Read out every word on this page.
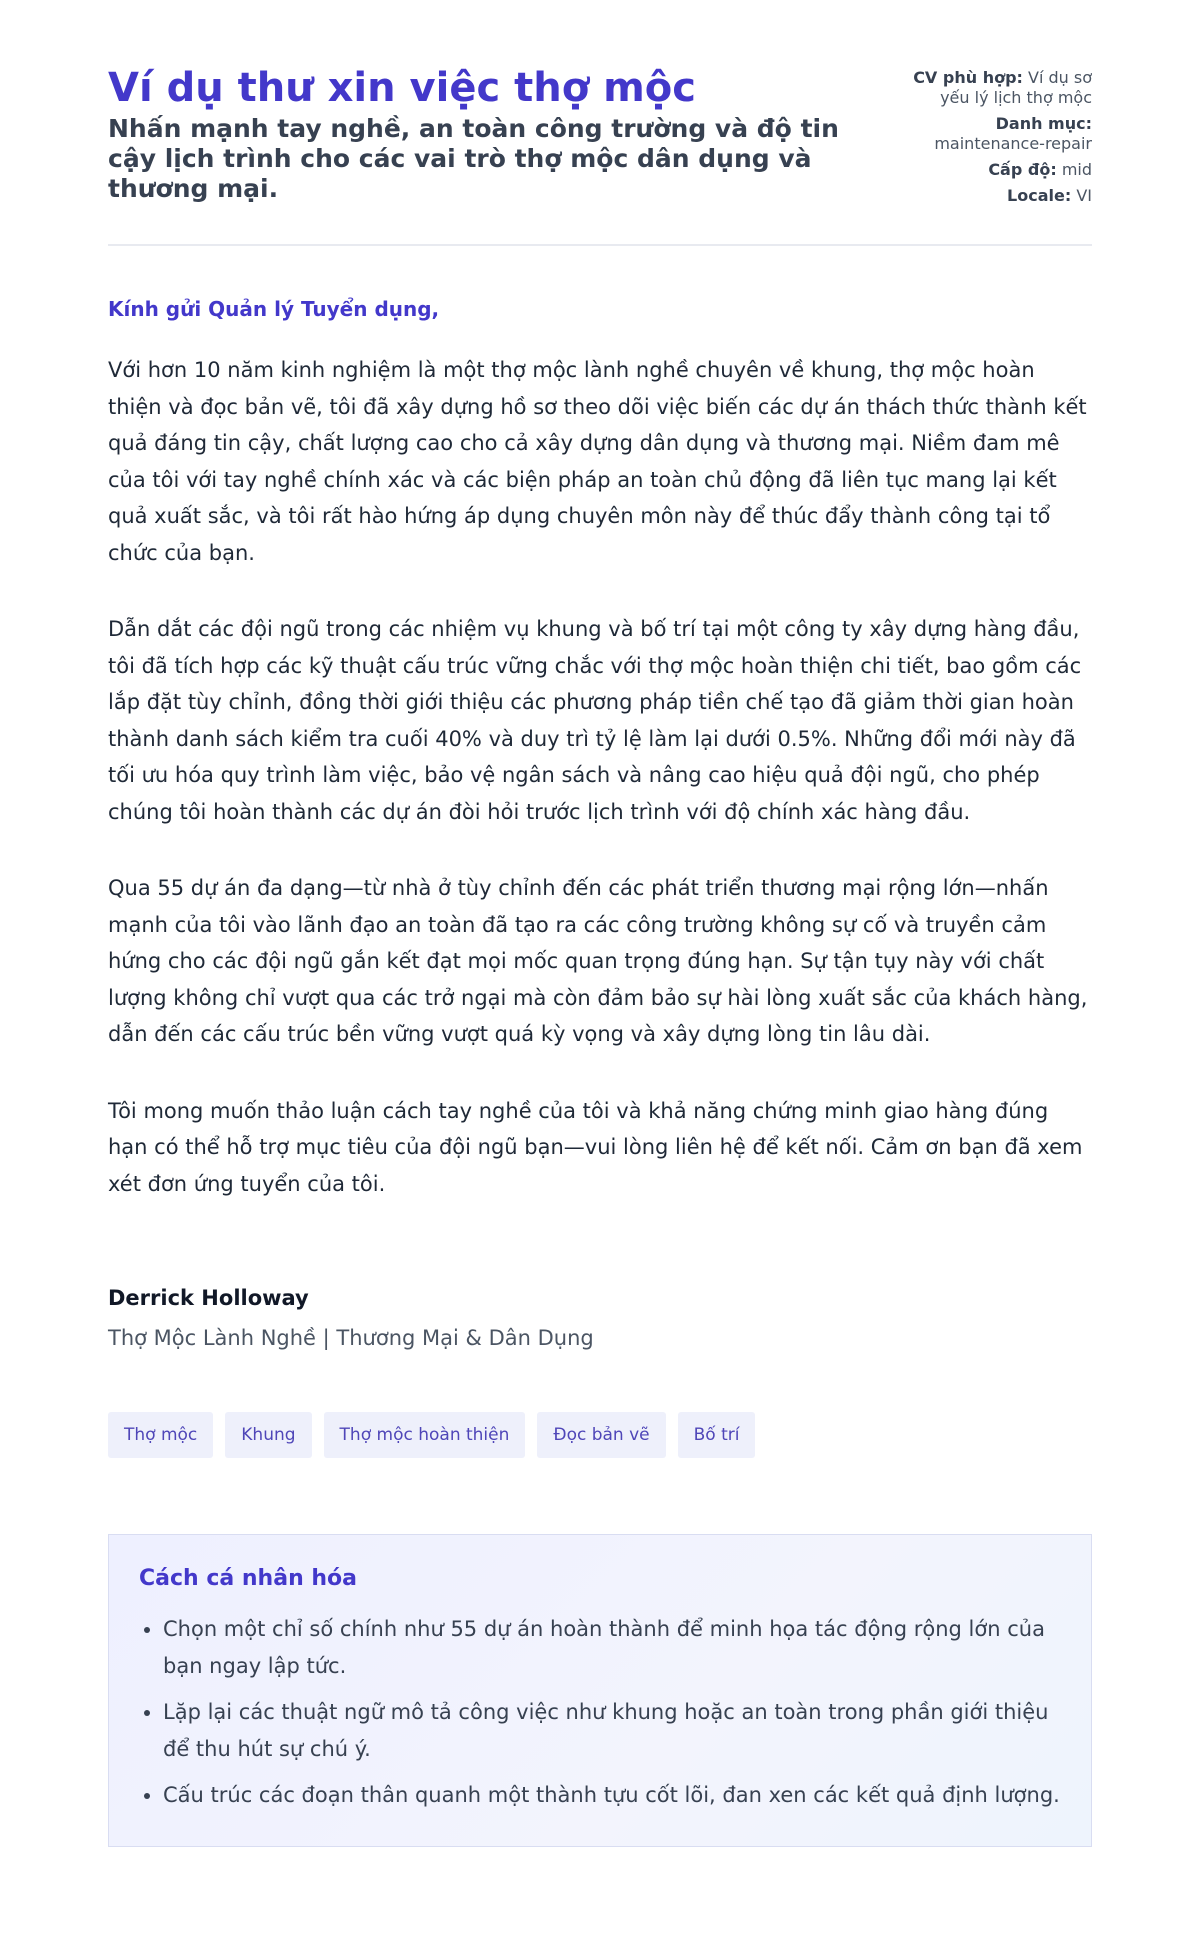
Ví dụ thư xin việc thợ mộc

Nhấn mạnh tay nghề, an toàn công trường và độ tin cậy lịch trình cho các vai trò thợ mộc dân dụng và thương mại.

CV phù hợp: Ví dụ sơ yếu lý lịch thợ mộc
Danh mục:
maintenance-repair
Cấp độ: mid
Locale: VI

Kính gửi Quản lý Tuyển dụng,

Với hơn 10 năm kinh nghiệm là một thợ mộc lành nghề chuyên về khung, thợ mộc hoàn thiện và đọc bản vẽ, tôi đã xây dựng hồ sơ theo dõi việc biến các dự án thách thức thành kết quả đáng tin cậy, chất lượng cao cho cả xây dựng dân dụng và thương mại. Niềm đam mê của tôi với tay nghề chính xác và các biện pháp an toàn chủ động đã liên tục mang lại kết quả xuất sắc, và tôi rất hào hứng áp dụng chuyên môn này để thúc đẩy thành công tại tổ chức của bạn.

Dẫn dắt các đội ngũ trong các nhiệm vụ khung và bố trí tại một công ty xây dựng hàng đầu, tôi đã tích hợp các kỹ thuật cấu trúc vững chắc với thợ mộc hoàn thiện chi tiết, bao gồm các lắp đặt tùy chỉnh, đồng thời giới thiệu các phương pháp tiền chế tạo đã giảm thời gian hoàn thành danh sách kiểm tra cuối 40% và duy trì tỷ lệ làm lại dưới 0.5%. Những đổi mới này đã tối ưu hóa quy trình làm việc, bảo vệ ngân sách và nâng cao hiệu quả đội ngũ, cho phép chúng tôi hoàn thành các dự án đòi hỏi trước lịch trình với độ chính xác hàng đầu.

Qua 55 dự án đa dạng—từ nhà ở tùy chỉnh đến các phát triển thương mại rộng lớn—nhấn mạnh của tôi vào lãnh đạo an toàn đã tạo ra các công trường không sự cố và truyền cảm hứng cho các đội ngũ gắn kết đạt mọi mốc quan trọng đúng hạn. Sự tận tụy này với chất lượng không chỉ vượt qua các trở ngại mà còn đảm bảo sự hài lòng xuất sắc của khách hàng, dẫn đến các cấu trúc bền vững vượt quá kỳ vọng và xây dựng lòng tin lâu dài.

Tôi mong muốn thảo luận cách tay nghề của tôi và khả năng chứng minh giao hàng đúng hạn có thể hỗ trợ mục tiêu của đội ngũ bạn—vui lòng liên hệ để kết nối. Cảm ơn bạn đã xem xét đơn ứng tuyển của tôi.

Derrick Holloway
Thợ Mộc Lành Nghề | Thương Mại & Dân Dụng
Thợ mộc	Khung	Thợ mộc hoàn thiện	Đọc bản vẽ	Bố trí
Cách cá nhân hóa
• Chọn một chỉ số chính như 55 dự án hoàn thành để minh họa tác động rộng lớn của bạn ngay lập tức.
• Lặp lại các thuật ngữ mô tả công việc như khung hoặc an toàn trong phần giới thiệu để thu hút sự chú ý.
• Cấu trúc các đoạn thân quanh một thành tựu cốt lõi, đan xen các kết quả định lượng.
